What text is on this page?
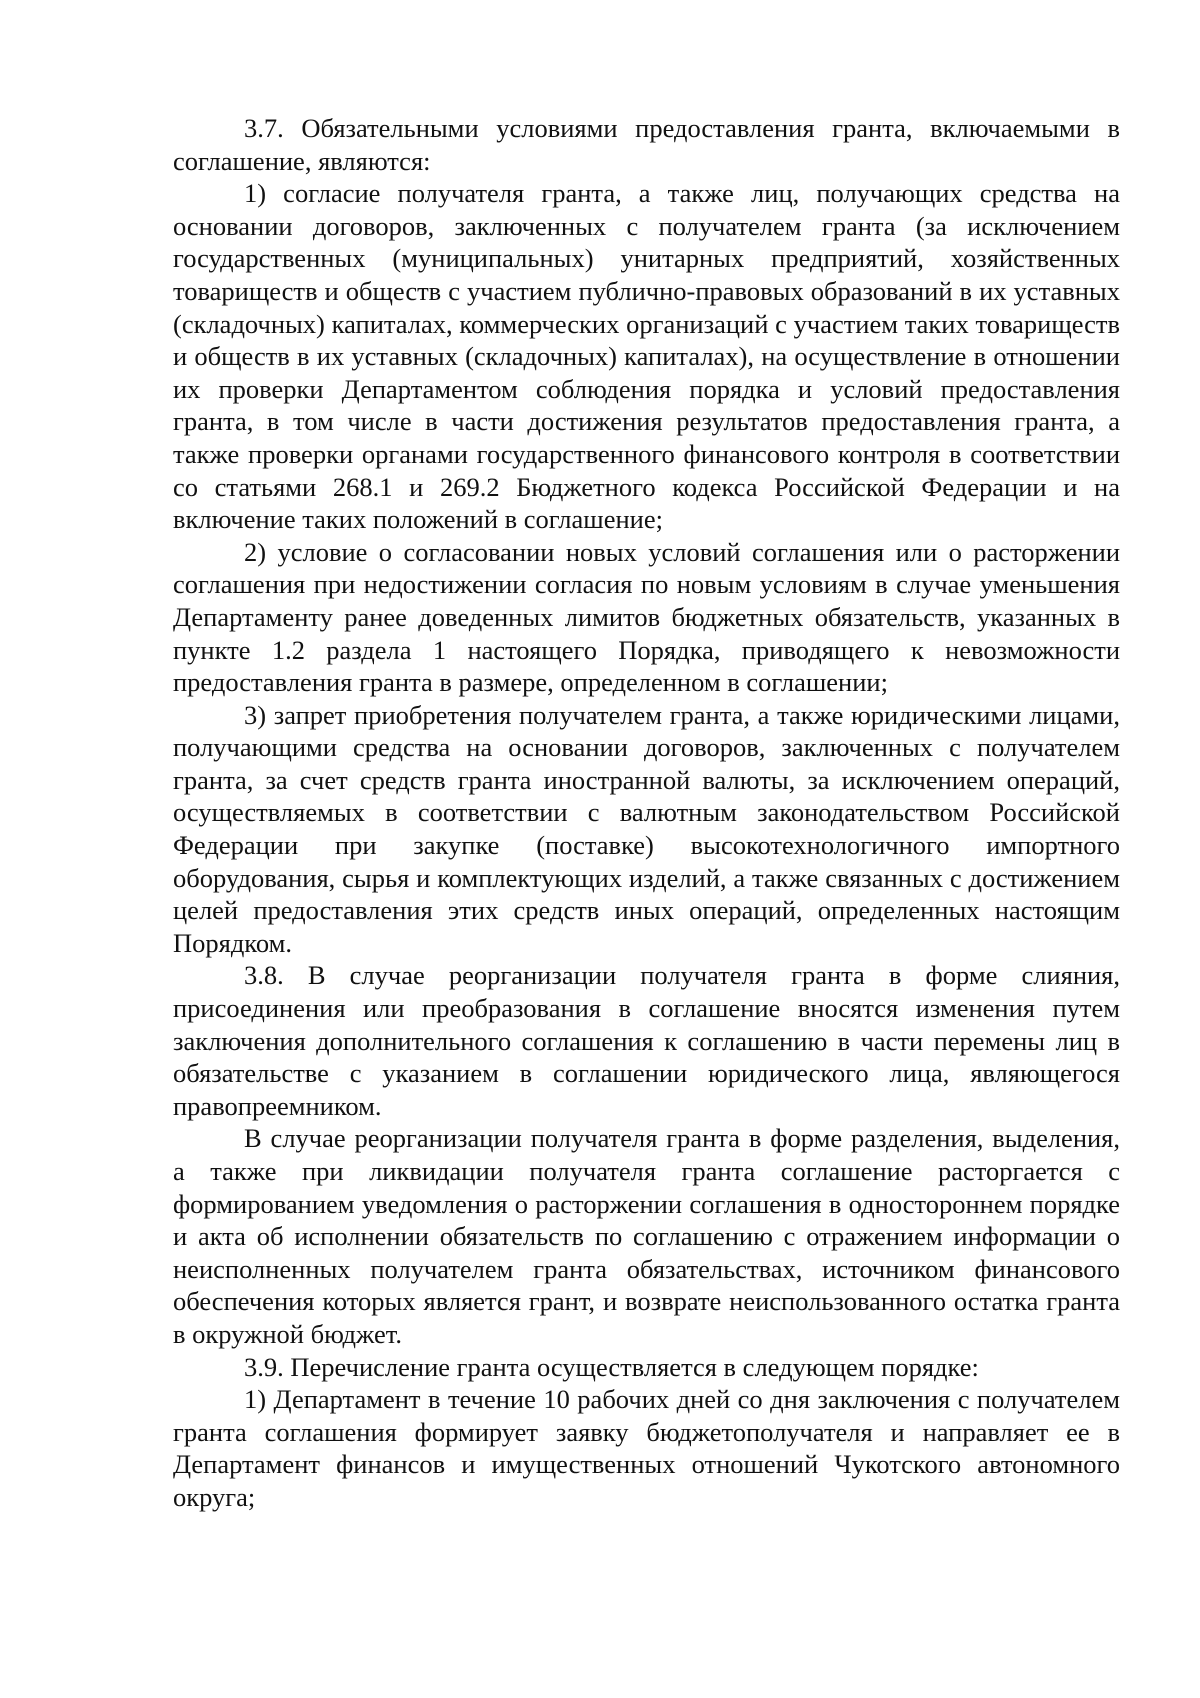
3.7. Обязательными условиями предоставления гранта, включаемыми в соглашение, являются:

1) согласие получателя гранта, а также лиц, получающих средства на основании договоров, заключенных с получателем гранта (за исключением государственных (муниципальных) унитарных предприятий, хозяйственных товариществ и обществ с участием публично-правовых образований в их уставных (складочных) капиталах, коммерческих организаций с участием таких товариществ и обществ в их уставных (складочных) капиталах), на осуществление в отношении их проверки Департаментом соблюдения порядка и условий предоставления гранта, в том числе в части достижения результатов предоставления гранта, а также проверки органами государственного финансового контроля в соответствии со статьями 268.1 и 269.2 Бюджетного кодекса Российской Федерации и на включение таких положений в соглашение;

2) условие о согласовании новых условий соглашения или о расторжении соглашения при недостижении согласия по новым условиям в случае уменьшения Департаменту ранее доведенных лимитов бюджетных обязательств, указанных в пункте 1.2 раздела 1 настоящего Порядка, приводящего к невозможности предоставления гранта в размере, определенном в соглашении;

3) запрет приобретения получателем гранта, а также юридическими лицами, получающими средства на основании договоров, заключенных с получателем гранта, за счет средств гранта иностранной валюты, за исключением операций, осуществляемых в соответствии с валютным законодательством Российской Федерации при закупке (поставке) высокотехнологичного импортного оборудования, сырья и комплектующих изделий, а также связанных с достижением целей предоставления этих средств иных операций, определенных настоящим Порядком.

3.8. В случае реорганизации получателя гранта в форме слияния, присоединения или преобразования в соглашение вносятся изменения путем заключения дополнительного соглашения к соглашению в части перемены лиц в обязательстве с указанием в соглашении юридического лица, являющегося правопреемником.

В случае реорганизации получателя гранта в форме разделения, выделения, а также при ликвидации получателя гранта соглашение расторгается с формированием уведомления о расторжении соглашения в одностороннем порядке и акта об исполнении обязательств по соглашению с отражением информации о неисполненных получателем гранта обязательствах, источником финансового обеспечения которых является грант, и возврате неиспользованного остатка гранта в окружной бюджет.

3.9. Перечисление гранта осуществляется в следующем порядке:

1) Департамент в течение 10 рабочих дней со дня заключения с получателем гранта соглашения формирует заявку бюджетополучателя и направляет ее в Департамент финансов и имущественных отношений Чукотского автономного округа;
